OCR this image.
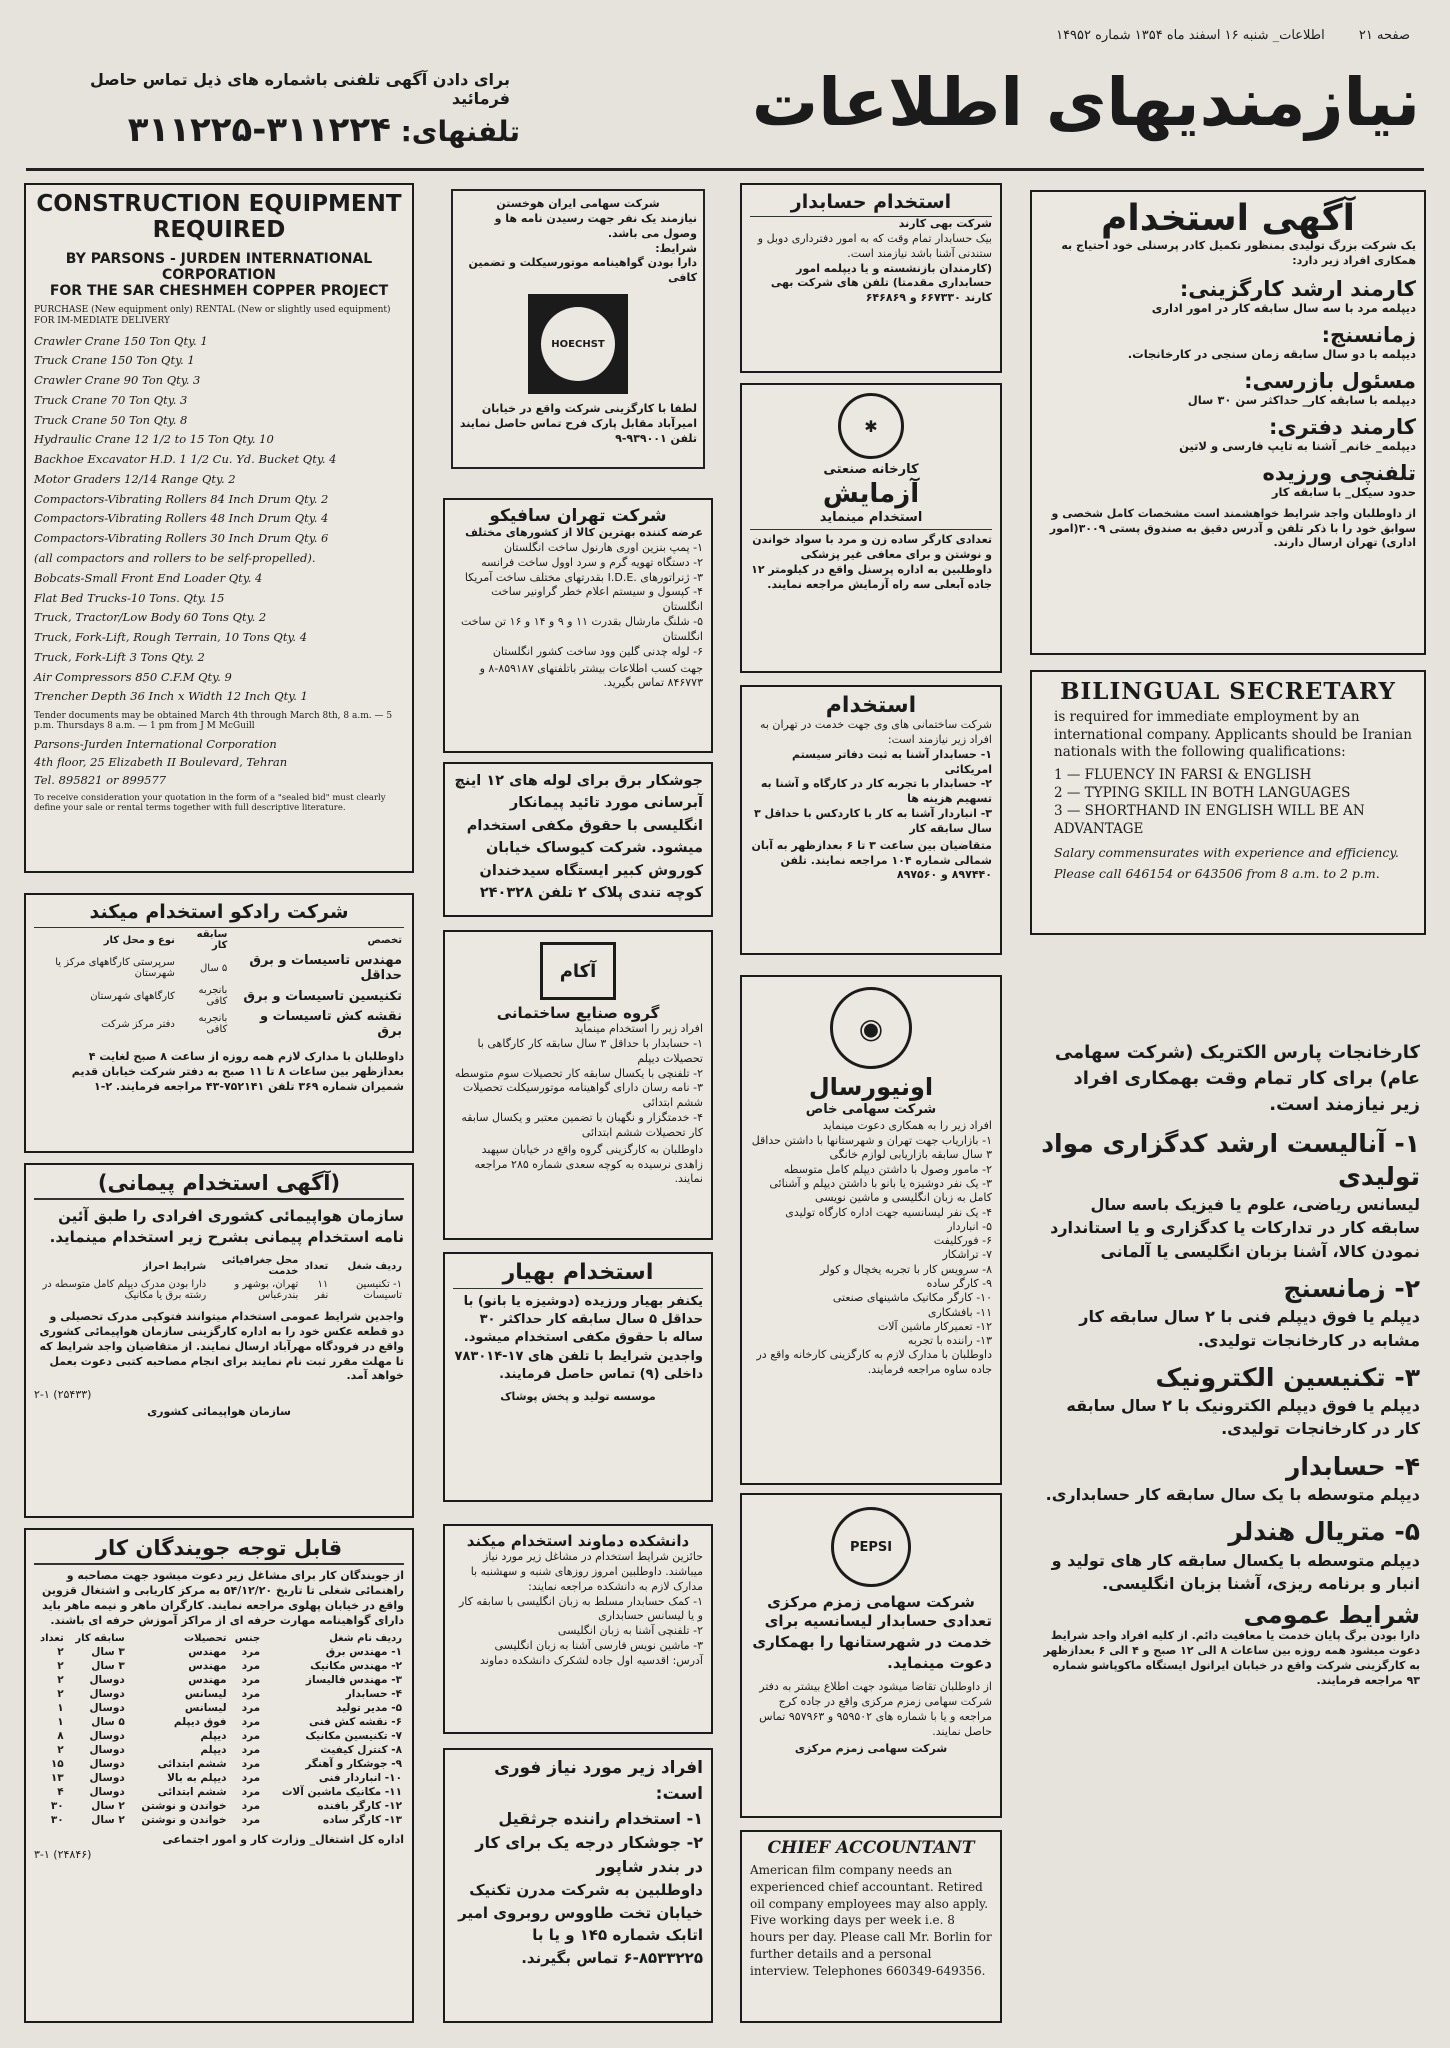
صفحه ۲۱ اطلاعات_ شنبه ۱۶ اسفند ماه ۱۳۵۴ شماره ۱۴۹۵۲
نیازمندیهای اطلاعات
برای دادن آگهی تلفنی باشماره های ذیل تماس حاصل فرمائید
تلفنهای: ۳۱۱۲۲۴-۳۱۱۲۲۵
CONSTRUCTION EQUIPMENT
REQUIRED
BY PARSONS - JURDEN INTERNATIONAL CORPORATION
FOR THE SAR CHESHMEH COPPER PROJECT
PURCHASE (New equipment only) RENTAL (New or slightly used equipment) FOR IM-MEDIATE DELIVERY
Crawler Crane 150 Ton Qty. 1
Truck Crane 150 Ton Qty. 1
Crawler Crane 90 Ton Qty. 3
Truck Crane 70 Ton Qty. 3
Truck Crane 50 Ton Qty. 8
Hydraulic Crane 12 1/2 to 15 Ton Qty. 10
Backhoe Excavator H.D. 1 1/2 Cu. Yd. Bucket Qty. 4
Motor Graders 12/14 Range Qty. 2
Compactors-Vibrating Rollers 84 Inch Drum Qty. 2
Compactors-Vibrating Rollers 48 Inch Drum Qty. 4
Compactors-Vibrating Rollers 30 Inch Drum Qty. 6
(all compactors and rollers to be self-propelled).
Bobcats-Small Front End Loader Qty. 4
Flat Bed Trucks-10 Tons. Qty. 15
Truck, Tractor/Low Body 60 Tons Qty. 2
Truck, Fork-Lift, Rough Terrain, 10 Tons Qty. 4
Truck, Fork-Lift 3 Tons Qty. 2
Air Compressors 850 C.F.M Qty. 9
Trencher Depth 36 Inch x Width 12 Inch Qty. 1
Tender documents may be obtained March 4th through March 8th, 8 a.m. — 5 p.m. Thursdays 8 a.m. — 1 pm from J M McGuill
Parsons-Jurden International Corporation
4th floor, 25 Elizabeth II Boulevard, Tehran
Tel. 895821 or 899577
To receive consideration your quotation in the form of a "sealed bid" must clearly define your sale or rental terms together with full descriptive literature.
شرکت رادکو استخدام میکند
تخصص	سابقه کار	نوع و محل کار
مهندس تاسیسات و برق حداقل	۵ سال	سرپرستی کارگاههای مرکز یا شهرستان
تکنیسین تاسیسات و برق	بانجربه کافی	کارگاههای شهرستان
نقشه کش تاسیسات و برق	بانجربه کافی	دفتر مرکز شرکت
داوطلبان با مدارک لازم همه روزه از ساعت ۸ صبح لغایت ۴ بعدازظهر بین ساعات ۸ تا ۱۱ صبح به دفتر شرکت خیابان قدیم شمیران شماره ۳۶۹ تلفن ۷۵۲۱۴۱-۴۳ مراجعه فرمایند. ۲-۱
(آگهی استخدام پیمانی)
سازمان هواپیمائی کشوری افرادی را طبق آئین نامه استخدام پیمانی بشرح زیر استخدام مینماید.
ردیف شغل	تعداد	محل جغرافیائی خدمت	شرایط احراز
۱- تکنیسین تاسیسات	۱۱ نفر	تهران، بوشهر و بندرعباس	دارا بودن مدرک دیپلم کامل متوسطه در رشته برق یا مکانیک
واجدین شرایط عمومی استخدام میتوانند فتوکپی مدرک تحصیلی و دو قطعه عکس خود را به اداره کارگزینی سازمان هواپیمائی کشوری واقع در فرودگاه مهرآباد ارسال نمایند. از متقاضیان واجد شرایط که تا مهلت مقرر ثبت نام نمایند برای انجام مصاحبه کتبی دعوت بعمل خواهد آمد.
(۲۵۴۳۳) ۲-۱
سازمان هواپیمائی کشوری
قابل توجه جویندگان کار
از جویندگان کار برای مشاغل زیر دعوت میشود جهت مصاحبه و راهنمائی شغلی تا تاریخ ۵۴/۱۲/۲۰ به مرکز کاریابی و اشتغال قزوین واقع در خیابان پهلوی مراجعه نمایند. کارگران ماهر و نیمه ماهر باید دارای گواهینامه مهارت حرفه ای از مراکز آموزش حرفه ای باشند.
ردیف نام شغل	جنس	تحصیلات	سابقه کار	تعداد
۱- مهندس برق	مرد	مهندس	۳ سال	۲
۲- مهندس مکانیک	مرد	مهندس	۳ سال	۲
۳- مهندس فالیساز	مرد	مهندس	دوسال	۲
۴- حسابدار	مرد	لیسانس	دوسال	۲
۵- مدیر تولید	مرد	لیسانس	دوسال	۱
۶- نقشه کش فنی	مرد	فوق دیپلم	۵ سال	۱
۷- تکنیسین مکانیک	مرد	دیپلم	دوسال	۸
۸- کنترل کیفیت	مرد	دیپلم	دوسال	۲
۹- جوشکار و آهنگر	مرد	ششم ابتدائی	دوسال	۱۵
۱۰- انباردار فنی	مرد	دیپلم به بالا	دوسال	۱۳
۱۱- مکانیک ماشین آلات	مرد	ششم ابتدائی	دوسال	۴
۱۲- کارگر بافنده	مرد	خواندن و نوشتن	۲ سال	۳۰
۱۳- کارگر ساده	مرد	خواندن و نوشتن	۲ سال	۳۰
اداره کل اشتغال_ وزارت کار و امور اجتماعی
(۲۴۸۴۶) ۳-۱
شرکت سهامی ایران هوخستن
نیازمند یک نفر جهت رسیدن نامه ها و وصول می باشد.
شرایط:
دارا بودن گواهینامه موتورسیکلت و تضمین کافی
HOECHST
لطفا با کارگزینی شرکت واقع در خیابان امیرآباد مقابل پارک فرح تماس حاصل نمایند تلفن ۹۳۹۰۰۱-۹
شرکت تهران سافیکو
عرضه کننده بهترین کالا از کشورهای مختلف
۱- پمپ بنزین اوری هارنول ساخت انگلستان
۲- دستگاه تهویه گرم و سرد اوول ساخت فرانسه
۳- ژنراتورهای .I.D.E بقدرتهای مختلف ساخت آمریکا
۴- کپسول و سیستم اعلام خطر گراونیر ساخت انگلستان
۵- شلنگ مارشال بقدرت ۱۱ و ۹ و ۱۴ و ۱۶ تن ساخت انگلستان
۶- لوله چدنی گلین وود ساخت کشور انگلستان
جهت کسب اطلاعات بیشتر باتلفنهای ۸۵۹۱۸۷-۸ و ۸۴۶۷۷۳ تماس بگیرید.
جوشکار برق برای لوله های ۱۲ اینچ آبرسانی مورد تائید پیمانکار انگلیسی با حقوق مکفی استخدام میشود. شرکت کیوساک خیابان کوروش کبیر ایستگاه سیدخندان کوچه تندی پلاک ۲ تلفن ۲۴۰۳۲۸
آکام
گروه صنایع ساختمانی
افراد زیر را استخدام مینماید
۱- حسابدار با حداقل ۳ سال سابقه کار کارگاهی با تحصیلات دیپلم
۲- تلفنچی با یکسال سابقه کار تحصیلات سوم متوسطه
۳- نامه رسان دارای گواهینامه موتورسیکلت تحصیلات ششم ابتدائی
۴- خدمتگزار و نگهبان با تضمین معتبر و یکسال سابقه کار تحصیلات ششم ابتدائی
داوطلبان به کارگزینی گروه واقع در خیابان سپهبد زاهدی نرسیده به کوچه سعدی شماره ۲۸۵ مراجعه نمایند.
استخدام بهیار
یکنفر بهیار ورزیده (دوشیزه یا بانو) با حداقل ۵ سال سابقه کار حداکثر ۳۰ ساله با حقوق مکفی استخدام میشود. واجدین شرایط با تلفن های ۱۷-۷۸۳۰۱۴ داخلی (۹) تماس حاصل فرمایند.
موسسه تولید و پخش پوشاک
دانشکده دماوند استخدام میکند
حائزین شرایط استخدام در مشاغل زیر مورد نیاز میباشند. داوطلبین امروز روزهای شنبه و سهشنبه با مدارک لازم به دانشکده مراجعه نمایند:
۱- کمک حسابدار مسلط به زبان انگلیسی با سابقه کار و یا لیسانس حسابداری
۲- تلفنچی آشنا به زبان انگلیسی
۳- ماشین نویس فارسی آشنا به زبان انگلیسی
آدرس: اقدسیه اول جاده لشکرک دانشکده دماوند
افراد زیر مورد نیاز فوری است:
۱- استخدام راننده جرثقیل
۲- جوشکار درجه یک برای کار در بندر شاپور
داوطلبین به شرکت مدرن تکنیک خیابان تخت طاووس روبروی امیر اتابک شماره ۱۴۵ و یا با ۸۵۳۳۲۲۵-۶ تماس بگیرند.
استخدام حسابدار
شرکت بهی کارند
بیک حسابدار تمام وقت که به امور دفترداری دوبل و ستندنی آشنا باشد نیازمند است.
(کارمندان بازنشسته و یا دیپلمه امور حسابداری مقدمتا) تلفن های شرکت بهی کارند ۶۶۷۳۳۰ و ۶۴۶۸۶۹
✱
کارخانه صنعتی
آزمایش
استخدام مینماید
تعدادی کارگر ساده زن و مرد با سواد خواندن و نوشتن و برای معافی غیر پزشکی داوطلبین به اداره پرسنل واقع در کیلومتر ۱۲ جاده آبعلی سه راه آزمایش مراجعه نمایند.
استخدام
شرکت ساختمانی های وی جهت خدمت در تهران به افراد زیر نیازمند است:
۱- حسابدار آشنا به ثبت دفاتر سیستم امریکائی
۲- حسابدار با تجربه کار در کارگاه و آشنا به تسهیم هزینه ها
۳- انباردار آشنا به کار با کاردکس با حداقل ۳ سال سابقه کار
متقاضیان بین ساعت ۳ تا ۶ بعدازظهر به آبان شمالی شماره ۱۰۴ مراجعه نمایند. تلفن ۸۹۷۴۴۰ و ۸۹۷۵۶۰
◉
اونیورسال
شرکت سهامی خاص
افراد زیر را به همکاری دعوت مینماید
۱- بازاریاب جهت تهران و شهرستانها با داشتن حداقل ۳ سال سابقه بازاریابی لوازم خانگی
۲- مامور وصول با داشتن دیپلم کامل متوسطه
۳- یک نفر دوشیزه یا بانو با داشتن دیپلم و آشنائی کامل به زبان انگلیسی و ماشین نویسی
۴- یک نفر لیسانسیه جهت اداره کارگاه تولیدی
۵- انباردار
۶- فورکلیفت
۷- تراشکار
۸- سرویس کار با تجربه یخچال و کولر
۹- کارگر ساده
۱۰- کارگر مکانیک ماشینهای صنعتی
۱۱- بافشکاری
۱۲- تعمیرکار ماشین آلات
۱۳- راننده با تجربه
داوطلبان با مدارک لازم به کارگزینی کارخانه واقع در جاده ساوه مراجعه فرمایند.
PEPSI
شرکت سهامی زمزم مرکزی
تعدادی حسابدار لیسانسیه برای خدمت در شهرستانها را بهمکاری دعوت مینماید.
از داوطلبان تقاضا میشود جهت اطلاع بیشتر به دفتر شرکت سهامی زمزم مرکزی واقع در جاده کرج مراجعه و یا با شماره های ۹۵۹۵۰۲ و ۹۵۷۹۶۳ تماس حاصل نمایند.
شرکت سهامی زمزم مرکزی
CHIEF ACCOUNTANT
American film company needs an experienced chief accountant. Retired oil company employees may also apply. Five working days per week i.e. 8 hours per day. Please call Mr. Borlin for further details and a personal interview. Telephones 660349-649356.
آگهی استخدام
یک شرکت بزرگ تولیدی بمنظور تکمیل کادر پرسنلی خود احتیاج به همکاری افراد زیر دارد:
کارمند ارشد کارگزینی:
دیپلمه مرد با سه سال سابقه کار در امور اداری
زمانسنج:
دیپلمه با دو سال سابقه زمان سنجی در کارخانجات.
مسئول بازرسی:
دیپلمه با سابقه کار_ حداکثر سن ۳۰ سال
کارمند دفتری:
دیپلمه_ خانم_ آشنا به تایپ فارسی و لاتین
تلفنچی ورزیده
حدود سیکل_ با سابقه کار
از داوطلبان واجد شرایط خواهشمند است مشخصات کامل شخصی و سوابق خود را با ذکر تلفن و آدرس دقیق به صندوق پستی ۳۰۰۹(امور اداری) تهران ارسال دارند.
BILINGUAL SECRETARY
is required for immediate employment by an international company. Applicants should be Iranian nationals with the following qualifications:
1 — FLUENCY IN FARSI & ENGLISH
2 — TYPING SKILL IN BOTH LANGUAGES
3 — SHORTHAND IN ENGLISH WILL BE AN ADVANTAGE
Salary commensurates with experience and efficiency.
Please call 646154 or 643506 from 8 a.m. to 2 p.m.
کارخانجات پارس الکتریک (شرکت سهامی عام) برای کار تمام وقت بهمکاری افراد زیر نیازمند است.
۱- آنالیست ارشد کدگزاری مواد تولیدی
لیسانس ریاضی، علوم یا فیزیک باسه سال سابقه کار در تدارکات یا کدگزاری و یا استاندارد نمودن کالا، آشنا بزبان انگلیسی یا آلمانی
۲- زمانسنج
دیپلم یا فوق دیپلم فنی با ۲ سال سابقه کار مشابه در کارخانجات تولیدی.
۳- تکنیسین الکترونیک
دیپلم یا فوق دیپلم الکترونیک با ۲ سال سابقه کار در کارخانجات تولیدی.
۴- حسابدار
دیپلم متوسطه با یک سال سابقه کار حسابداری.
۵- متریال هندلر
دیپلم متوسطه با یکسال سابقه کار های تولید و انبار و برنامه ریزی، آشنا بزبان انگلیسی.
شرایط عمومی
دارا بودن برگ پایان خدمت یا معافیت دائم. از کلیه افراد واجد شرایط دعوت میشود همه روزه بین ساعات ۸ الی ۱۲ صبح و ۴ الی ۶ بعدازظهر به کارگزینی شرکت واقع در خیابان ایرانول ایستگاه ماکوپاشو شماره ۹۳ مراجعه فرمایند.
